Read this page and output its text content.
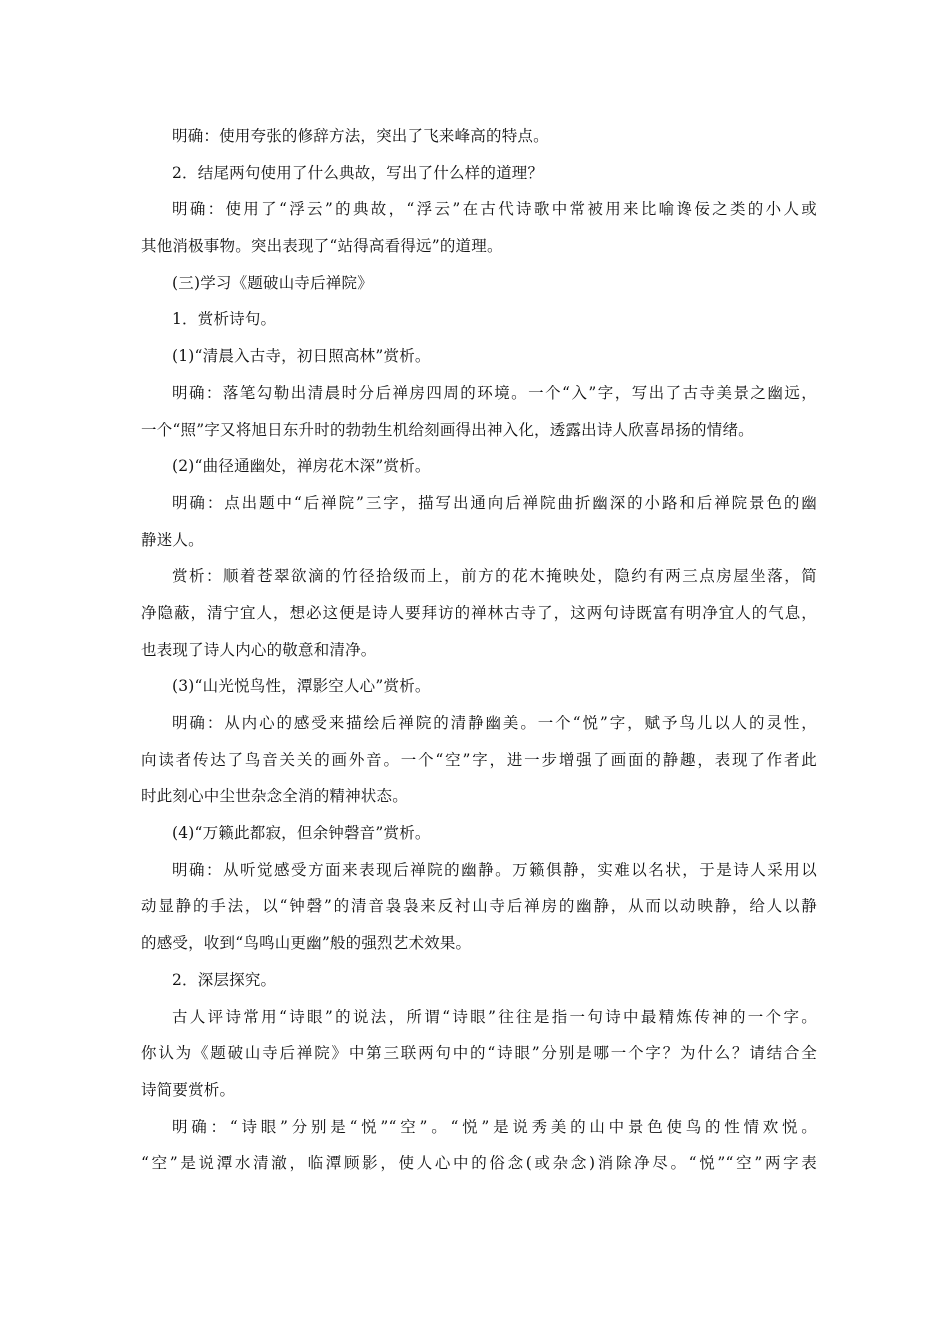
明确：使用夸张的修辞方法，突出了飞来峰高的特点。
2．结尾两句使用了什么典故，写出了什么样的道理？
明确：使用了“浮云”的典故，“浮云”在古代诗歌中常被用来比喻谗佞之类的小人或
其他消极事物。突出表现了“站得高看得远”的道理。
(三)学习《题破山寺后禅院》
1．赏析诗句。
(1)“清晨入古寺，初日照高林”赏析。
明确：落笔勾勒出清晨时分后禅房四周的环境。一个“入”字，写出了古寺美景之幽远，
一个“照”字又将旭日东升时的勃勃生机给刻画得出神入化，透露出诗人欣喜昂扬的情绪。
(2)“曲径通幽处，禅房花木深”赏析。
明确：点出题中“后禅院”三字，描写出通向后禅院曲折幽深的小路和后禅院景色的幽
静迷人。
赏析：顺着苍翠欲滴的竹径拾级而上，前方的花木掩映处，隐约有两三点房屋坐落，简
净隐蔽，清宁宜人，想必这便是诗人要拜访的禅林古寺了，这两句诗既富有明净宜人的气息，
也表现了诗人内心的敬意和清净。
(3)“山光悦鸟性，潭影空人心”赏析。
明确：从内心的感受来描绘后禅院的清静幽美。一个“悦”字，赋予鸟儿以人的灵性，
向读者传达了鸟音关关的画外音。一个“空”字，进一步增强了画面的静趣，表现了作者此
时此刻心中尘世杂念全消的精神状态。
(4)“万籁此都寂，但余钟磬音”赏析。
明确：从听觉感受方面来表现后禅院的幽静。万籁俱静，实难以名状，于是诗人采用以
动显静的手法，以“钟磬”的清音袅袅来反衬山寺后禅房的幽静，从而以动映静，给人以静
的感受，收到“鸟鸣山更幽”般的强烈艺术效果。
2．深层探究。
古人评诗常用“诗眼”的说法，所谓“诗眼”往往是指一句诗中最精炼传神的一个字。
你认为《题破山寺后禅院》中第三联两句中的“诗眼”分别是哪一个字？为什么？请结合全
诗简要赏析。
明确：“诗眼”分别是“悦”“空”。“悦”是说秀美的山中景色使鸟的性情欢悦。
“空”是说潭水清澈，临潭顾影，使人心中的俗念(或杂念)消除净尽。“悦”“空”两字表
